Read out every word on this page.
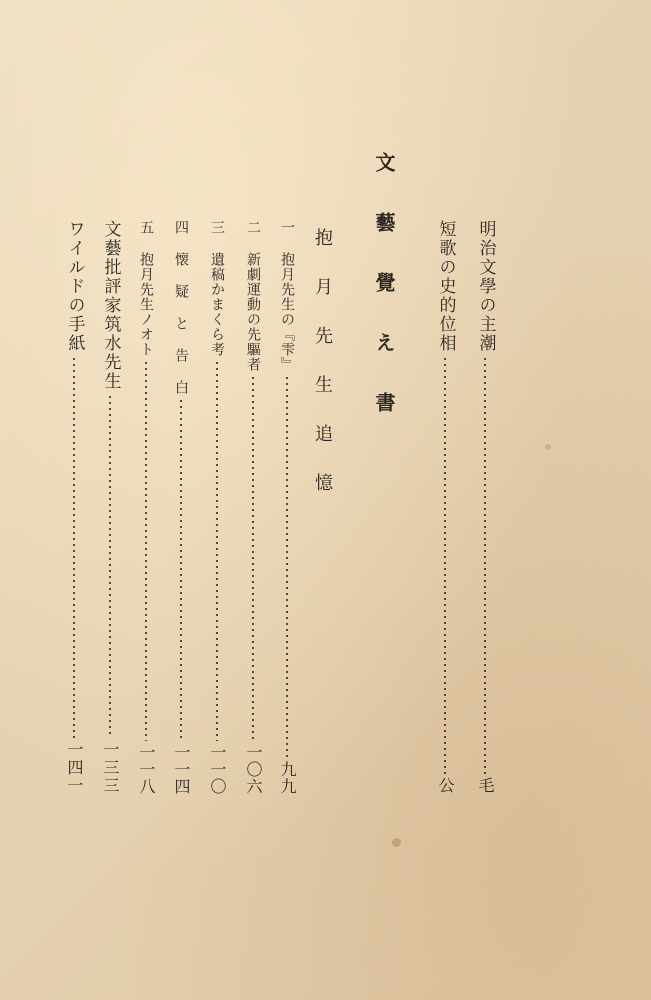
文 藝 覺 え 書
抱 月 先 生 追 憶	明治文學の主潮
毛
短歌の史的位相
公
一 抱月先生の『雫』
九九
二 新劇運動の先驅者
一〇六
三 遺稿かまくら考
一一〇
四 懐 疑 と 告 白
一一四
五 抱月先生ノオト
一一八
文藝批評家筑水先生
一三三
ワイルドの手紙
一四一
